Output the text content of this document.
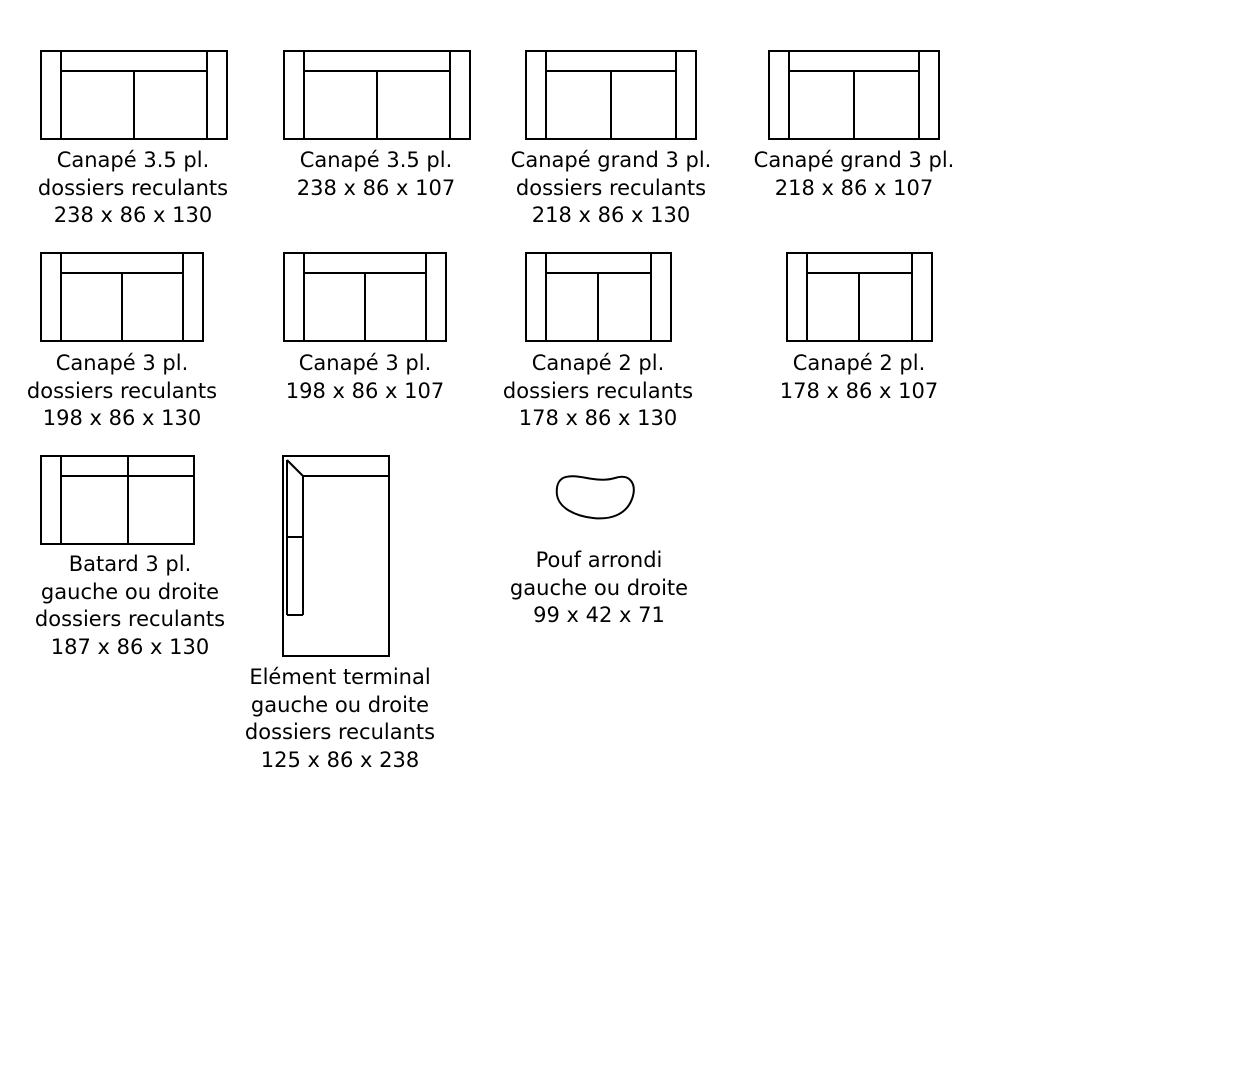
Canapé 3.5 pl.
dossiers reculants
238 x 86 x 130
Canapé 3.5 pl.
238 x 86 x 107
Canapé grand 3 pl.
dossiers reculants
218 x 86 x 130
Canapé grand 3 pl.
218 x 86 x 107
Canapé 3 pl.
dossiers reculants
198 x 86 x 130
Canapé 3 pl.
198 x 86 x 107
Canapé 2 pl.
dossiers reculants
178 x 86 x 130
Canapé 2 pl.
178 x 86 x 107
Batard 3 pl.
gauche ou droite
dossiers reculants
187 x 86 x 130
Elément terminal
gauche ou droite
dossiers reculants
125 x 86 x 238
Pouf arrondi
gauche ou droite
99 x 42 x 71
